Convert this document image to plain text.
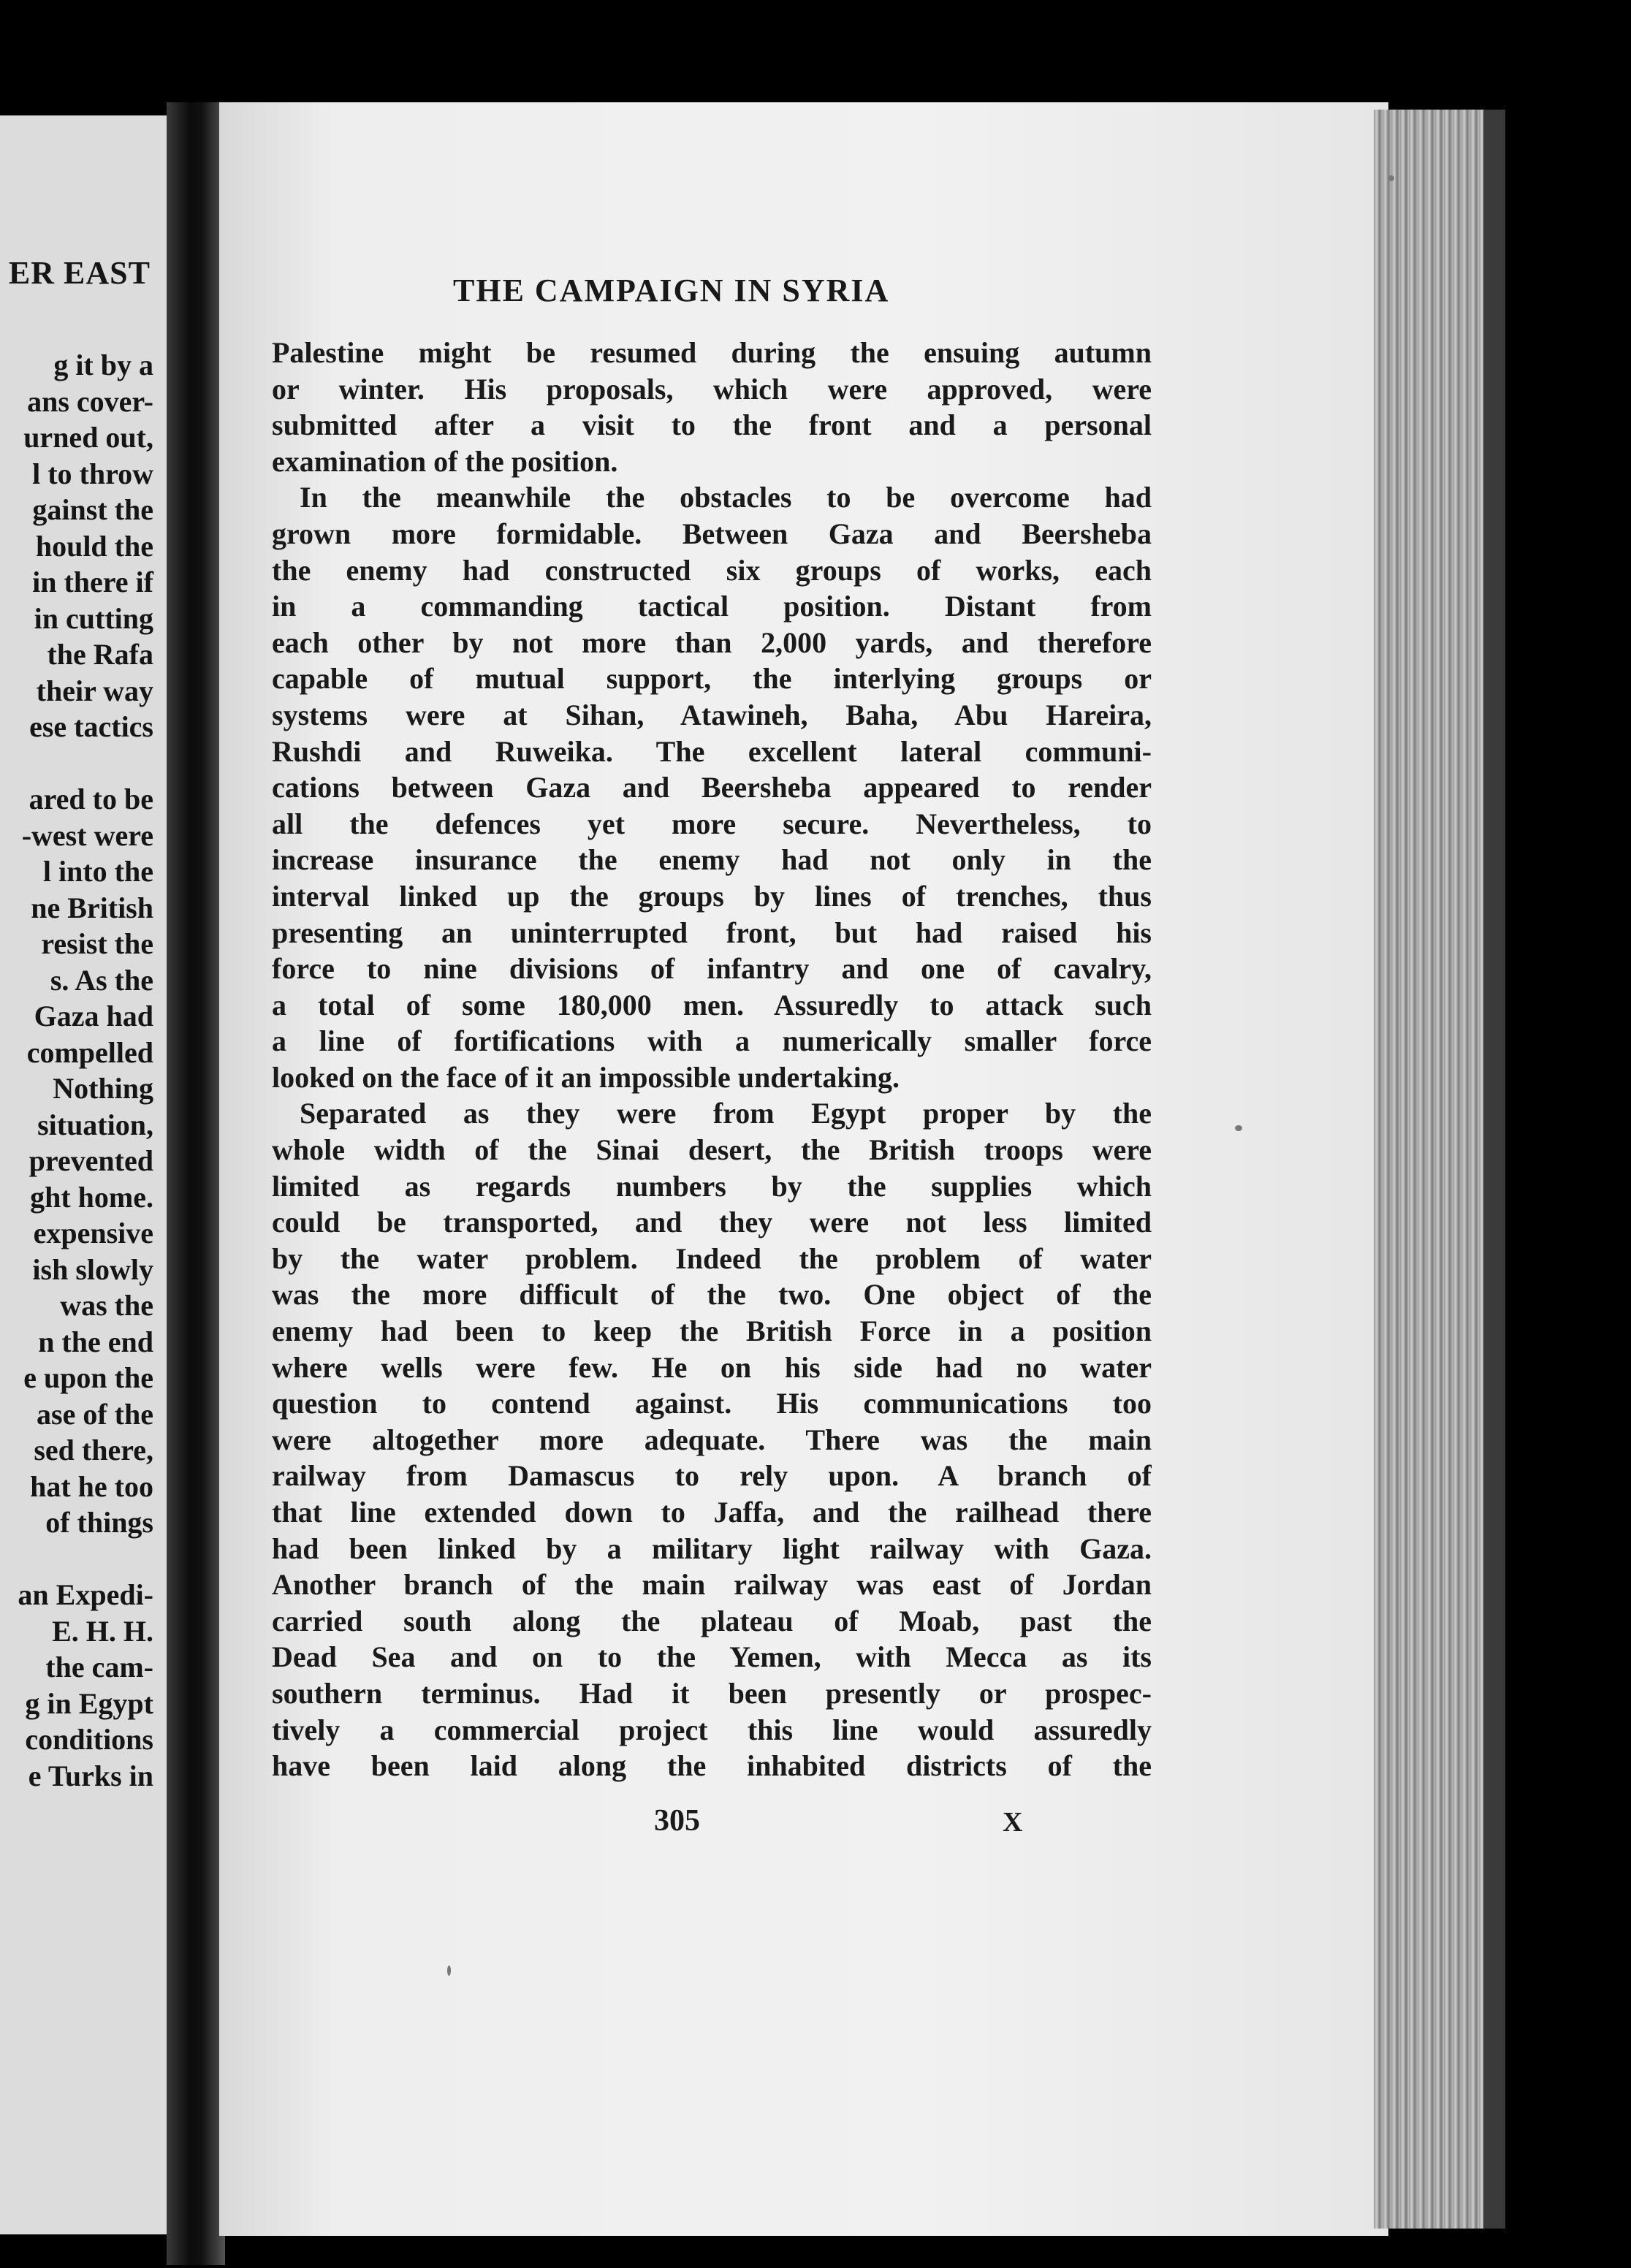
ER EAST
g it by a
ans cover-
urned out,
l to throw
gainst the
hould the
in there if
in cutting
the Rafa
their way
ese tactics
ared to be
-west were
l into the
ne British
resist the
s. As the
Gaza had
compelled
Nothing
situation,
prevented
ght home.
expensive
ish slowly
was the
n the end
e upon the
ase of the
sed there,
hat he too
of things
an Expedi-
E. H. H.
the cam-
g in Egypt
conditions
e Turks in
THE CAMPAIGN IN SYRIA
Palestine might be resumed during the ensuing autumn
or winter. His proposals, which were approved, were
submitted after a visit to the front and a personal
examination of the position.
In the meanwhile the obstacles to be overcome had
grown more formidable. Between Gaza and Beersheba
the enemy had constructed six groups of works, each
in a commanding tactical position. Distant from
each other by not more than 2,000 yards, and therefore
capable of mutual support, the interlying groups or
systems were at Sihan, Atawineh, Baha, Abu Hareira,
Rushdi and Ruweika. The excellent lateral communi-
cations between Gaza and Beersheba appeared to render
all the defences yet more secure. Nevertheless, to
increase insurance the enemy had not only in the
interval linked up the groups by lines of trenches, thus
presenting an uninterrupted front, but had raised his
force to nine divisions of infantry and one of cavalry,
a total of some 180,000 men. Assuredly to attack such
a line of fortifications with a numerically smaller force
looked on the face of it an impossible undertaking.
Separated as they were from Egypt proper by the
whole width of the Sinai desert, the British troops were
limited as regards numbers by the supplies which
could be transported, and they were not less limited
by the water problem. Indeed the problem of water
was the more difficult of the two. One object of the
enemy had been to keep the British Force in a position
where wells were few. He on his side had no water
question to contend against. His communications too
were altogether more adequate. There was the main
railway from Damascus to rely upon. A branch of
that line extended down to Jaffa, and the railhead there
had been linked by a military light railway with Gaza.
Another branch of the main railway was east of Jordan
carried south along the plateau of Moab, past the
Dead Sea and on to the Yemen, with Mecca as its
southern terminus. Had it been presently or prospec-
tively a commercial project this line would assuredly
have been laid along the inhabited districts of the
305	X
